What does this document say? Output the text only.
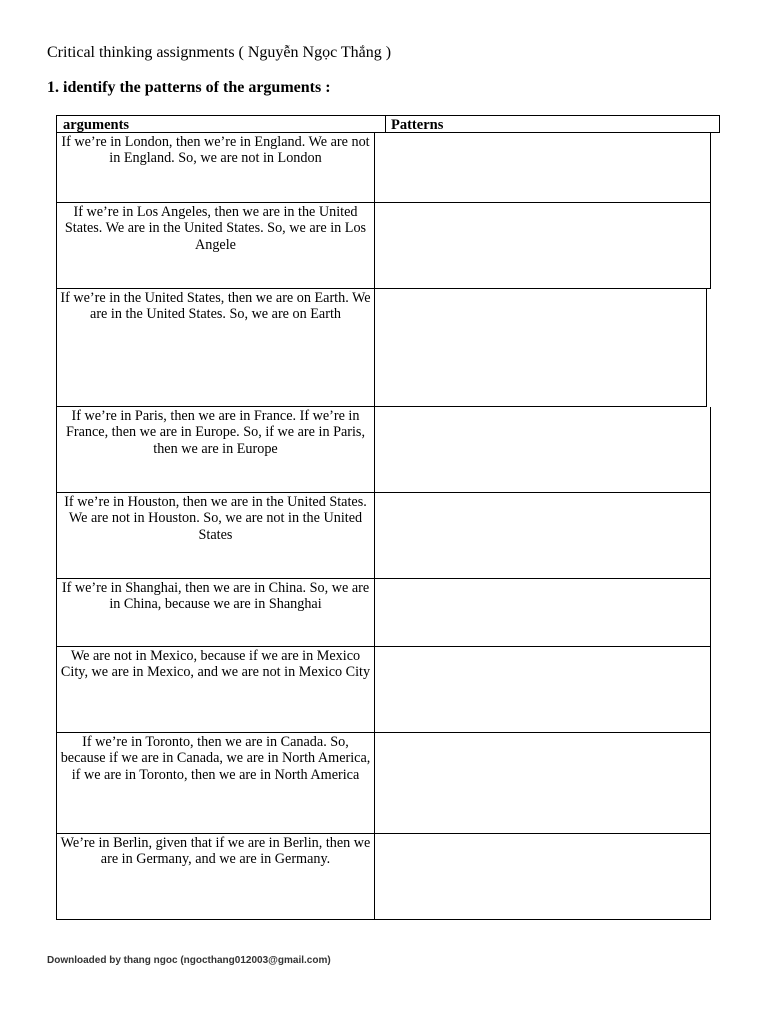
Critical thinking assignments ( Nguyễn Ngọc Thắng )
1. identify the patterns of the arguments :
arguments	Patterns
If we’re in London, then we’re in England. We are not in England. So, we are not in London
If we’re in Los Angeles, then we are in the United States. We are in the United States. So, we are in Los Angele
If we’re in the United States, then we are on Earth. We are in the United States. So, we are on Earth
If we’re in Paris, then we are in France. If we’re in France, then we are in Europe. So, if we are in Paris, then we are in Europe
If we’re in Houston, then we are in the United States. We are not in Houston. So, we are not in the United States
If we’re in Shanghai, then we are in China. So, we are in China, because we are in Shanghai
We are not in Mexico, because if we are in Mexico City, we are in Mexico, and we are not in Mexico City
If we’re in Toronto, then we are in Canada. So, because if we are in Canada, we are in North America, if we are in Toronto, then we are in North America
We’re in Berlin, given that if we are in Berlin, then we are in Germany, and we are in Germany.
Downloaded by thang ngoc (ngocthang012003@gmail.com)
